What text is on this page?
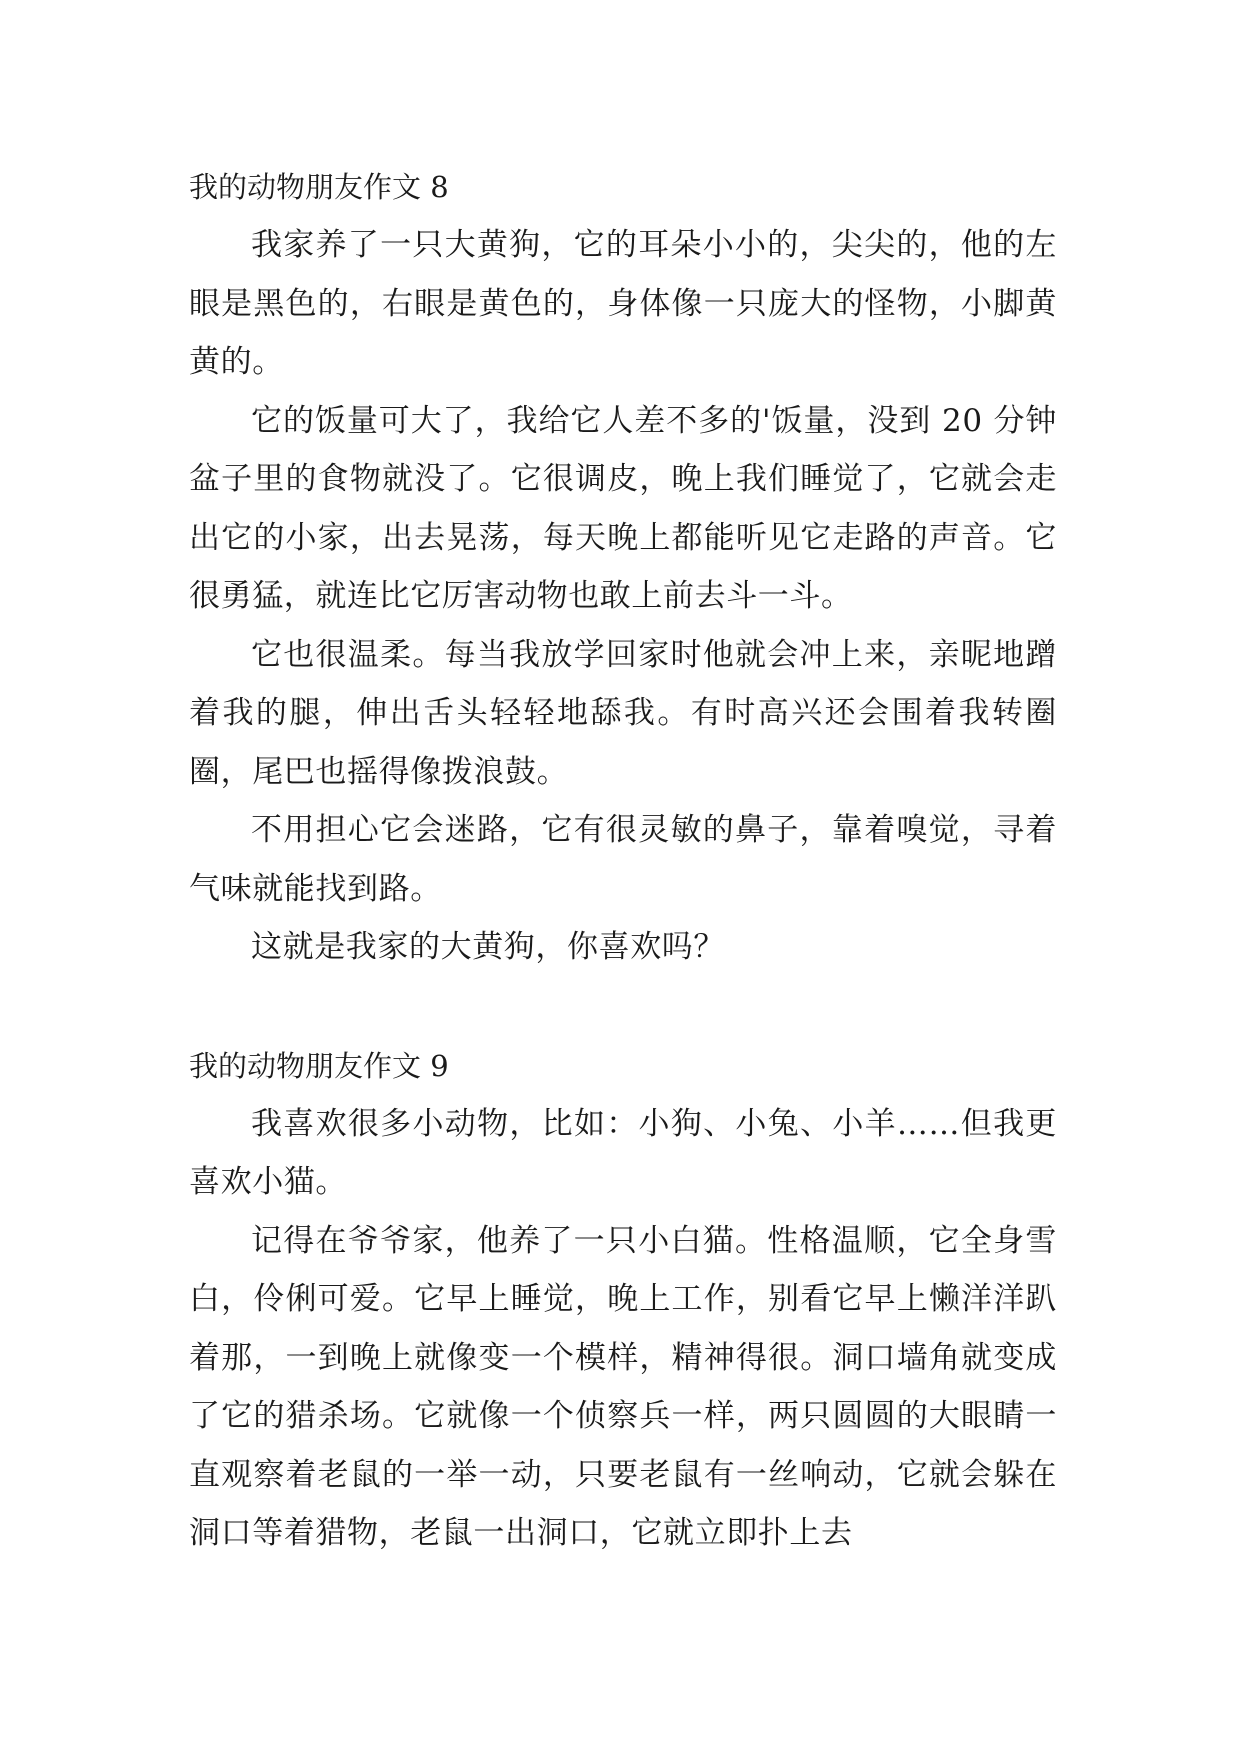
我的动物朋友作文 8

我家养了一只大黄狗，它的耳朵小小的，尖尖的，他的左眼是黑色的，右眼是黄色的，身体像一只庞大的怪物，小脚黄黄的。

它的饭量可大了，我给它人差不多的'饭量，没到 20 分钟盆子里的食物就没了。它很调皮，晚上我们睡觉了，它就会走出它的小家，出去晃荡，每天晚上都能听见它走路的声音。它很勇猛，就连比它厉害动物也敢上前去斗一斗。

它也很温柔。每当我放学回家时他就会冲上来，亲昵地蹭着我的腿，伸出舌头轻轻地舔我。有时高兴还会围着我转圈圈，尾巴也摇得像拨浪鼓。

不用担心它会迷路，它有很灵敏的鼻子，靠着嗅觉，寻着气味就能找到路。

这就是我家的大黄狗，你喜欢吗？

我的动物朋友作文 9

我喜欢很多小动物，比如：小狗、小兔、小羊……但我更喜欢小猫。

记得在爷爷家，他养了一只小白猫。性格温顺，它全身雪白，伶俐可爱。它早上睡觉，晚上工作，别看它早上懒洋洋趴着那，一到晚上就像变一个模样，精神得很。洞口墙角就变成了它的猎杀场。它就像一个侦察兵一样，两只圆圆的大眼睛一直观察着老鼠的一举一动，只要老鼠有一丝响动，它就会躲在洞口等着猎物，老鼠一出洞口，它就立即扑上去
